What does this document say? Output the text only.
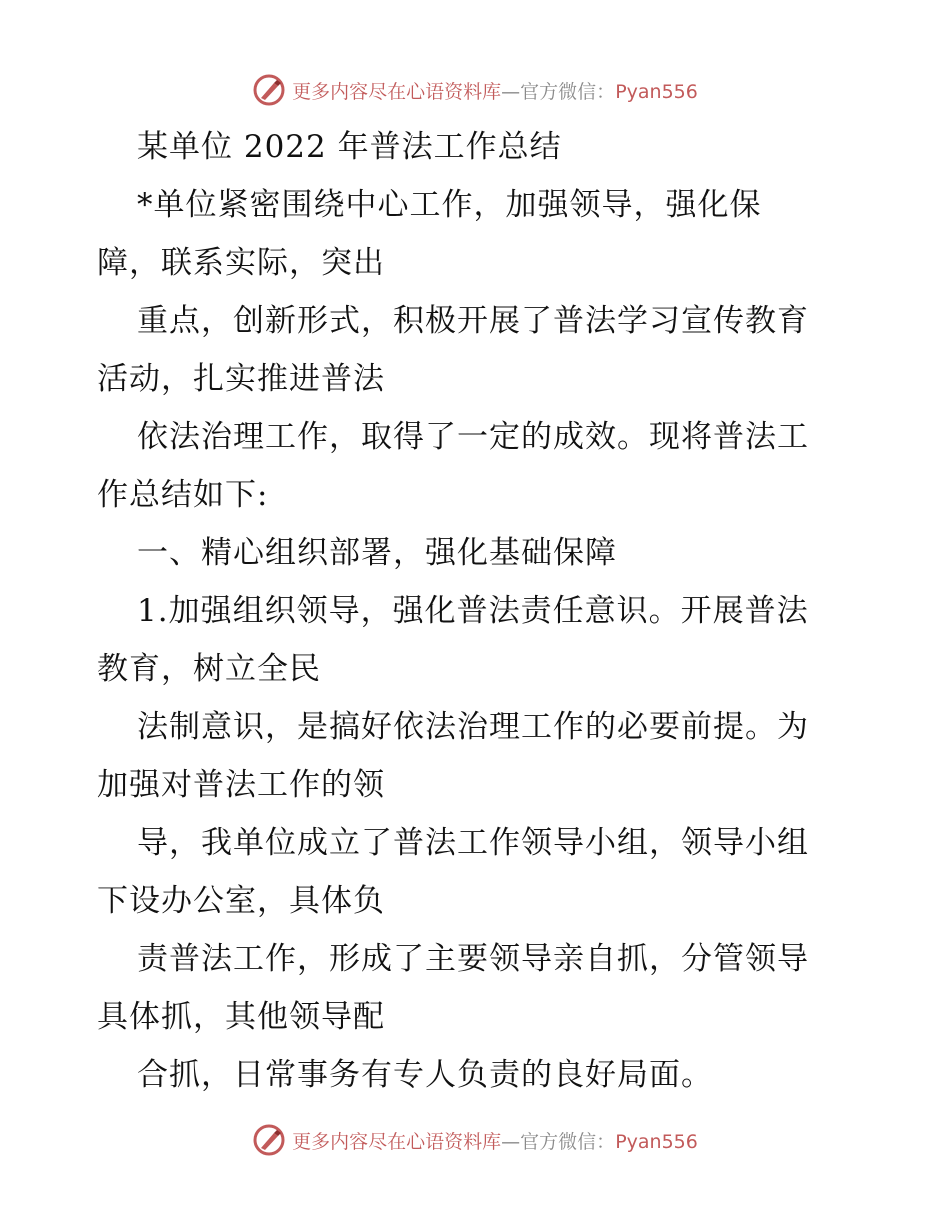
更多内容尽在心语资料库—官方微信：Pyan556
某单位 2022 年普法工作总结
*单位紧密围绕中心工作，加强领导，强化保
障，联系实际，突出
重点，创新形式，积极开展了普法学习宣传教育
活动，扎实推进普法
依法治理工作，取得了一定的成效。现将普法工
作总结如下:
一、精心组织部署，强化基础保障
1.加强组织领导，强化普法责任意识。开展普法
教育，树立全民
法制意识，是搞好依法治理工作的必要前提。为
加强对普法工作的领
导，我单位成立了普法工作领导小组，领导小组
下设办公室，具体负
责普法工作，形成了主要领导亲自抓，分管领导
具体抓，其他领导配
合抓，日常事务有专人负责的良好局面。
更多内容尽在心语资料库—官方微信：Pyan556
